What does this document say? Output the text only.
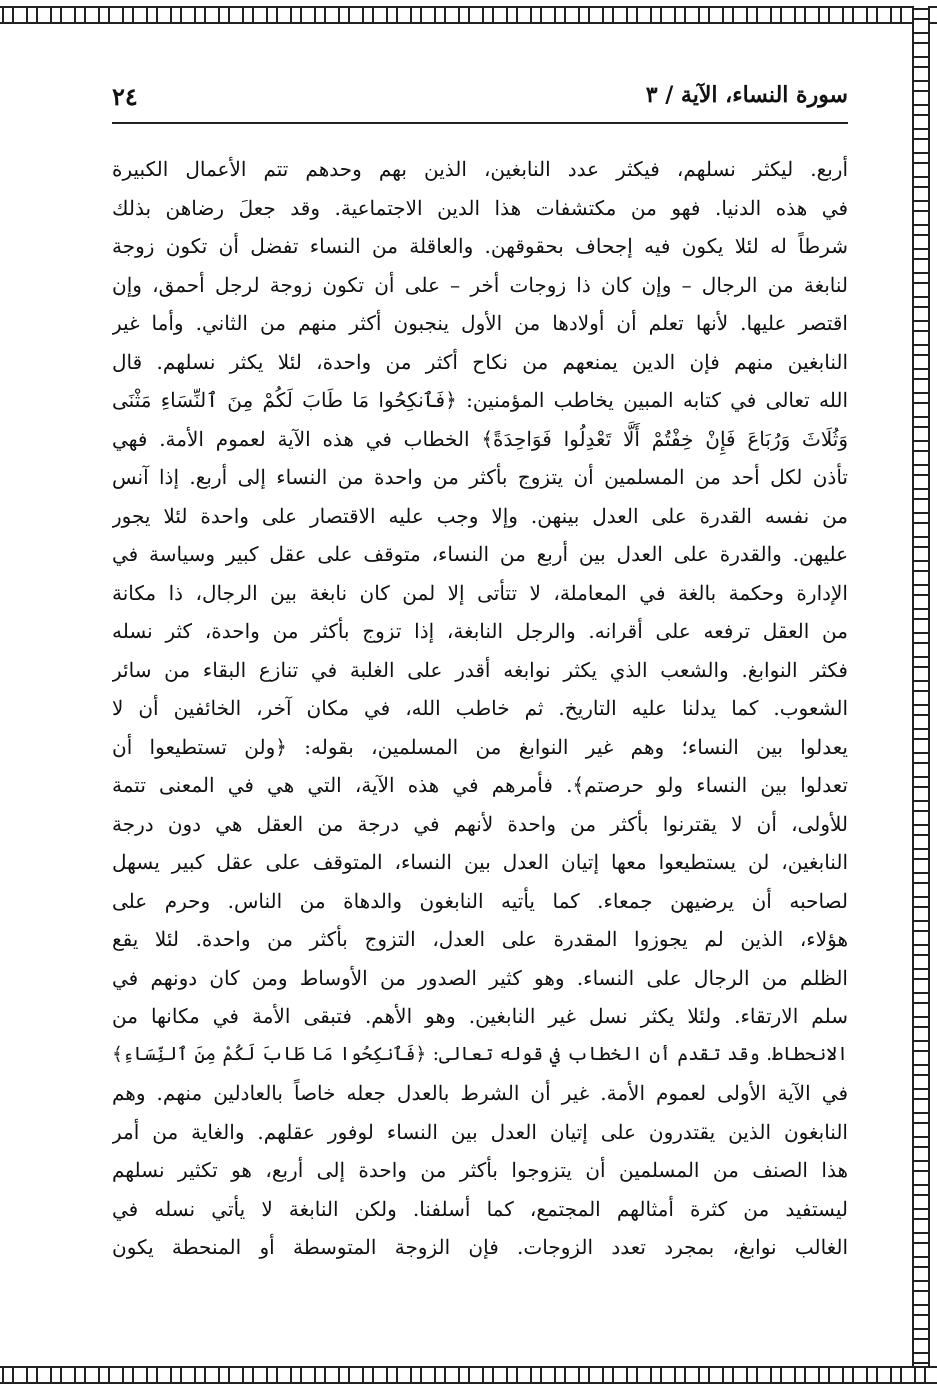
٢٤	سورة النساء، الآية / ٣
أربع. ليكثر نسلهم، فيكثر عدد النابغين، الذين بهم وحدهم تتم الأعمال الكبيرة
في هذه الدنيا. فهو من مكتشفات هذا الدين الاجتماعية. وقد جعلَ رضاهن بذلك
شرطاً له لئلا يكون فيه إجحاف بحقوقهن. والعاقلة من النساء تفضل أن تكون زوجة
لنابغة من الرجال – وإن كان ذا زوجات أخر – على أن تكون زوجة لرجل أحمق، وإن
اقتصر عليها. لأنها تعلم أن أولادها من الأول ينجبون أكثر منهم من الثاني. وأما غير
النابغين منهم فإن الدين يمنعهم من نكاح أكثر من واحدة، لئلا يكثر نسلهم. قال
الله تعالى في كتابه المبين يخاطب المؤمنين: ﴿فَٱنكِحُوا مَا طَابَ لَكُمْ مِنَ ٱلنِّسَاءِ مَثْنَى
وَثُلَاثَ وَرُبَاعَ فَإِنْ خِفْتُمْ أَلَّا تَعْدِلُوا فَوَاحِدَةً﴾ الخطاب في هذه الآية لعموم الأمة. فهي
تأذن لكل أحد من المسلمين أن يتزوج بأكثر من واحدة من النساء إلى أربع. إذا آنس
من نفسه القدرة على العدل بينهن. وإلا وجب عليه الاقتصار على واحدة لئلا يجور
عليهن. والقدرة على العدل بين أربع من النساء، متوقف على عقل كبير وسياسة في
الإدارة وحكمة بالغة في المعاملة، لا تتأتى إلا لمن كان نابغة بين الرجال، ذا مكانة
من العقل ترفعه على أقرانه. والرجل النابغة، إذا تزوج بأكثر من واحدة، كثر نسله
فكثر النوابغ. والشعب الذي يكثر نوابغه أقدر على الغلبة في تنازع البقاء من سائر
الشعوب. كما يدلنا عليه التاريخ. ثم خاطب الله، في مكان آخر، الخائفين أن لا
يعدلوا بين النساء؛ وهم غير النوابغ من المسلمين، بقوله: ﴿ولن تستطيعوا أن
تعدلوا بين النساء ولو حرصتم﴾. فأمرهم في هذه الآية، التي هي في المعنى تتمة
للأولى، أن لا يقترنوا بأكثر من واحدة لأنهم في درجة من العقل هي دون درجة
النابغين، لن يستطيعوا معها إتيان العدل بين النساء، المتوقف على عقل كبير يسهل
لصاحبه أن يرضيهن جمعاء. كما يأتيه النابغون والدهاة من الناس. وحرم على
هؤلاء، الذين لم يجوزوا المقدرة على العدل، التزوج بأكثر من واحدة. لئلا يقع
الظلم من الرجال على النساء. وهو كثير الصدور من الأوساط ومن كان دونهم في
سلم الارتقاء. ولئلا يكثر نسل غير النابغين. وهو الأهم. فتبقى الأمة في مكانها من
الانحطاط. وقد تقدم أن الخطاب في قوله تعالى: ﴿فَٱنكِحُوا مَا طَابَ لَكُمْ مِنَ ٱلنِّسَاءِ﴾
في الآية الأولى لعموم الأمة. غير أن الشرط بالعدل جعله خاصاً بالعادلين منهم. وهم
النابغون الذين يقتدرون على إتيان العدل بين النساء لوفور عقلهم. والغاية من أمر
هذا الصنف من المسلمين أن يتزوجوا بأكثر من واحدة إلى أربع، هو تكثير نسلهم
ليستفيد من كثرة أمثالهم المجتمع، كما أسلفنا. ولكن النابغة لا يأتي نسله في
الغالب نوابغ، بمجرد تعدد الزوجات. فإن الزوجة المتوسطة أو المنحطة يكون
